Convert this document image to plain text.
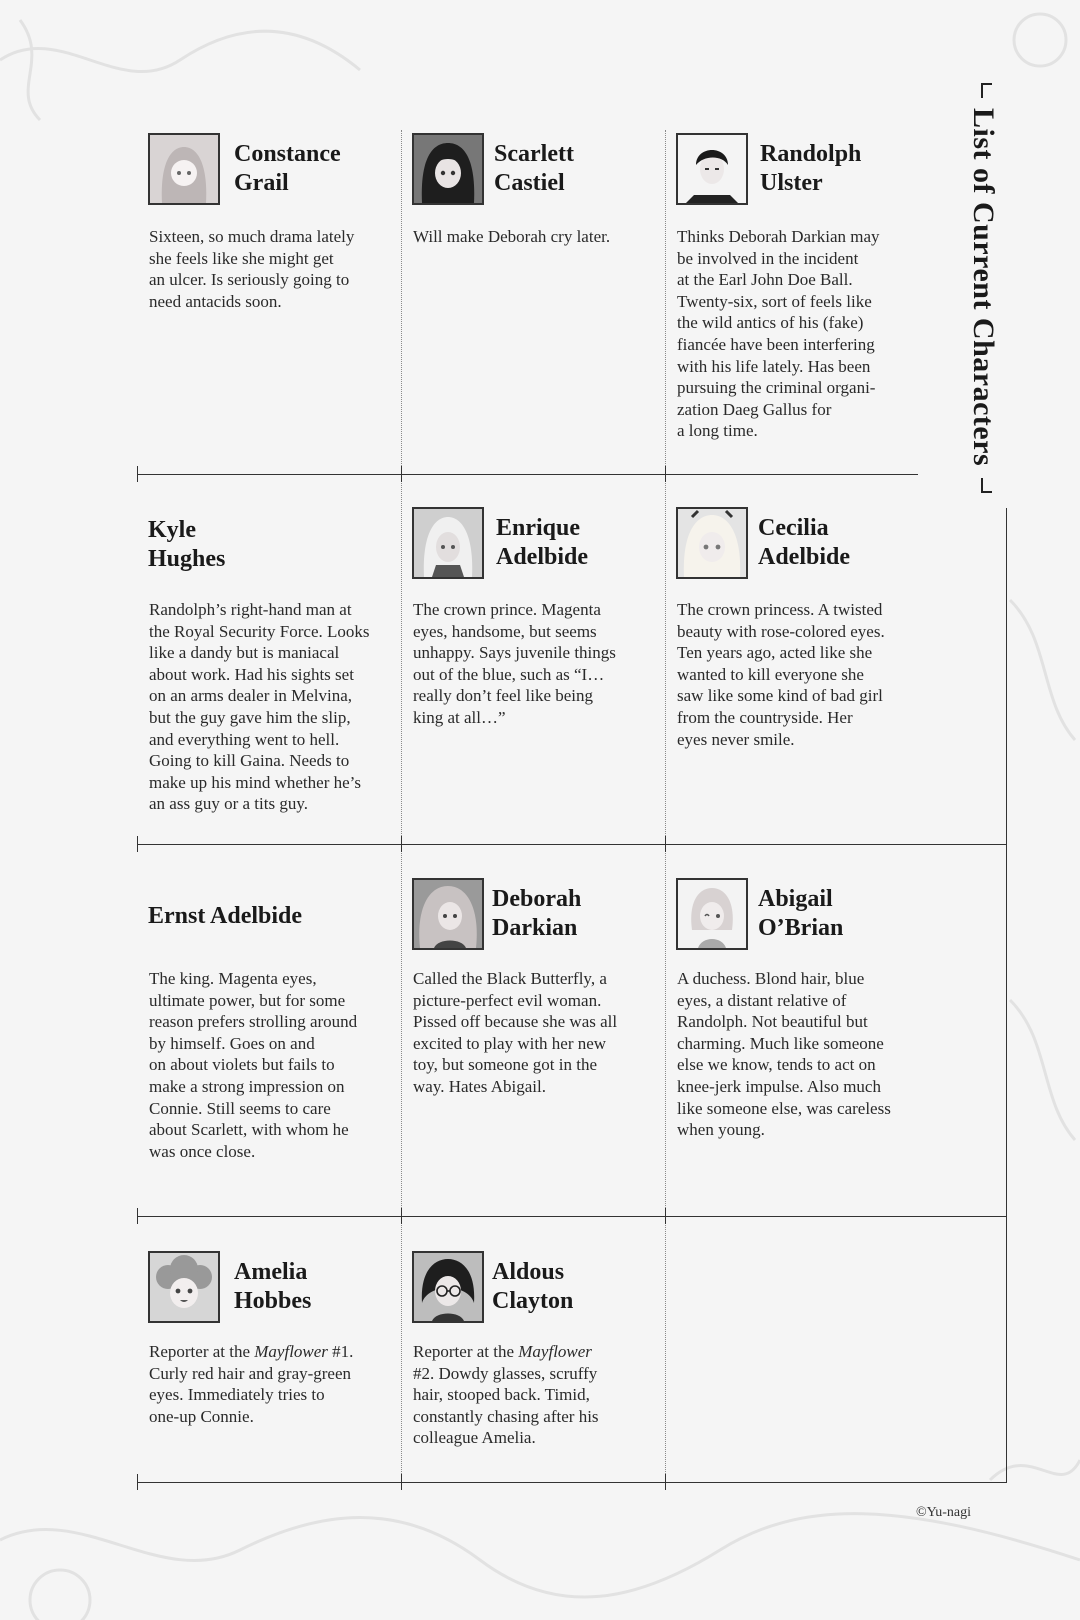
List of Current Characters
Constance
Grail
Sixteen, so much drama lately
she feels like she might get
an ulcer. Is seriously going to
need antacids soon.
Scarlett
Castiel
Will make Deborah cry later.
Randolph
Ulster
Thinks Deborah Darkian may
be involved in the incident
at the Earl John Doe Ball.
Twenty-six, sort of feels like
the wild antics of his (fake)
fiancée have been interfering
with his life lately. Has been
pursuing the criminal organi-
zation Daeg Gallus for
a long time.
Kyle
Hughes
Randolph’s right-hand man at
the Royal Security Force. Looks
like a dandy but is maniacal
about work. Had his sights set
on an arms dealer in Melvina,
but the guy gave him the slip,
and everything went to hell.
Going to kill Gaina. Needs to
make up his mind whether he’s
an ass guy or a tits guy.
Enrique
Adelbide
The crown prince. Magenta
eyes, handsome, but seems
unhappy. Says juvenile things
out of the blue, such as “I…
really don’t feel like being
king at all…”
Cecilia
Adelbide
The crown princess. A twisted
beauty with rose-colored eyes.
Ten years ago, acted like she
wanted to kill everyone she
saw like some kind of bad girl
from the countryside. Her
eyes never smile.
Ernst Adelbide
The king. Magenta eyes,
ultimate power, but for some
reason prefers strolling around
by himself. Goes on and
on about violets but fails to
make a strong impression on
Connie. Still seems to care
about Scarlett, with whom he
was once close.
Deborah
Darkian
Called the Black Butterfly, a
picture-perfect evil woman.
Pissed off because she was all
excited to play with her new
toy, but someone got in the
way. Hates Abigail.
Abigail
O’Brian
A duchess. Blond hair, blue
eyes, a distant relative of
Randolph. Not beautiful but
charming. Much like someone
else we know, tends to act on
knee-jerk impulse. Also much
like someone else, was careless
when young.
Amelia
Hobbes
Reporter at the Mayflower #1.
Curly red hair and gray-green
eyes. Immediately tries to
one-up Connie.
Aldous
Clayton
Reporter at the Mayflower
#2. Dowdy glasses, scruffy
hair, stooped back. Timid,
constantly chasing after his
colleague Amelia.
©Yu-nagi
